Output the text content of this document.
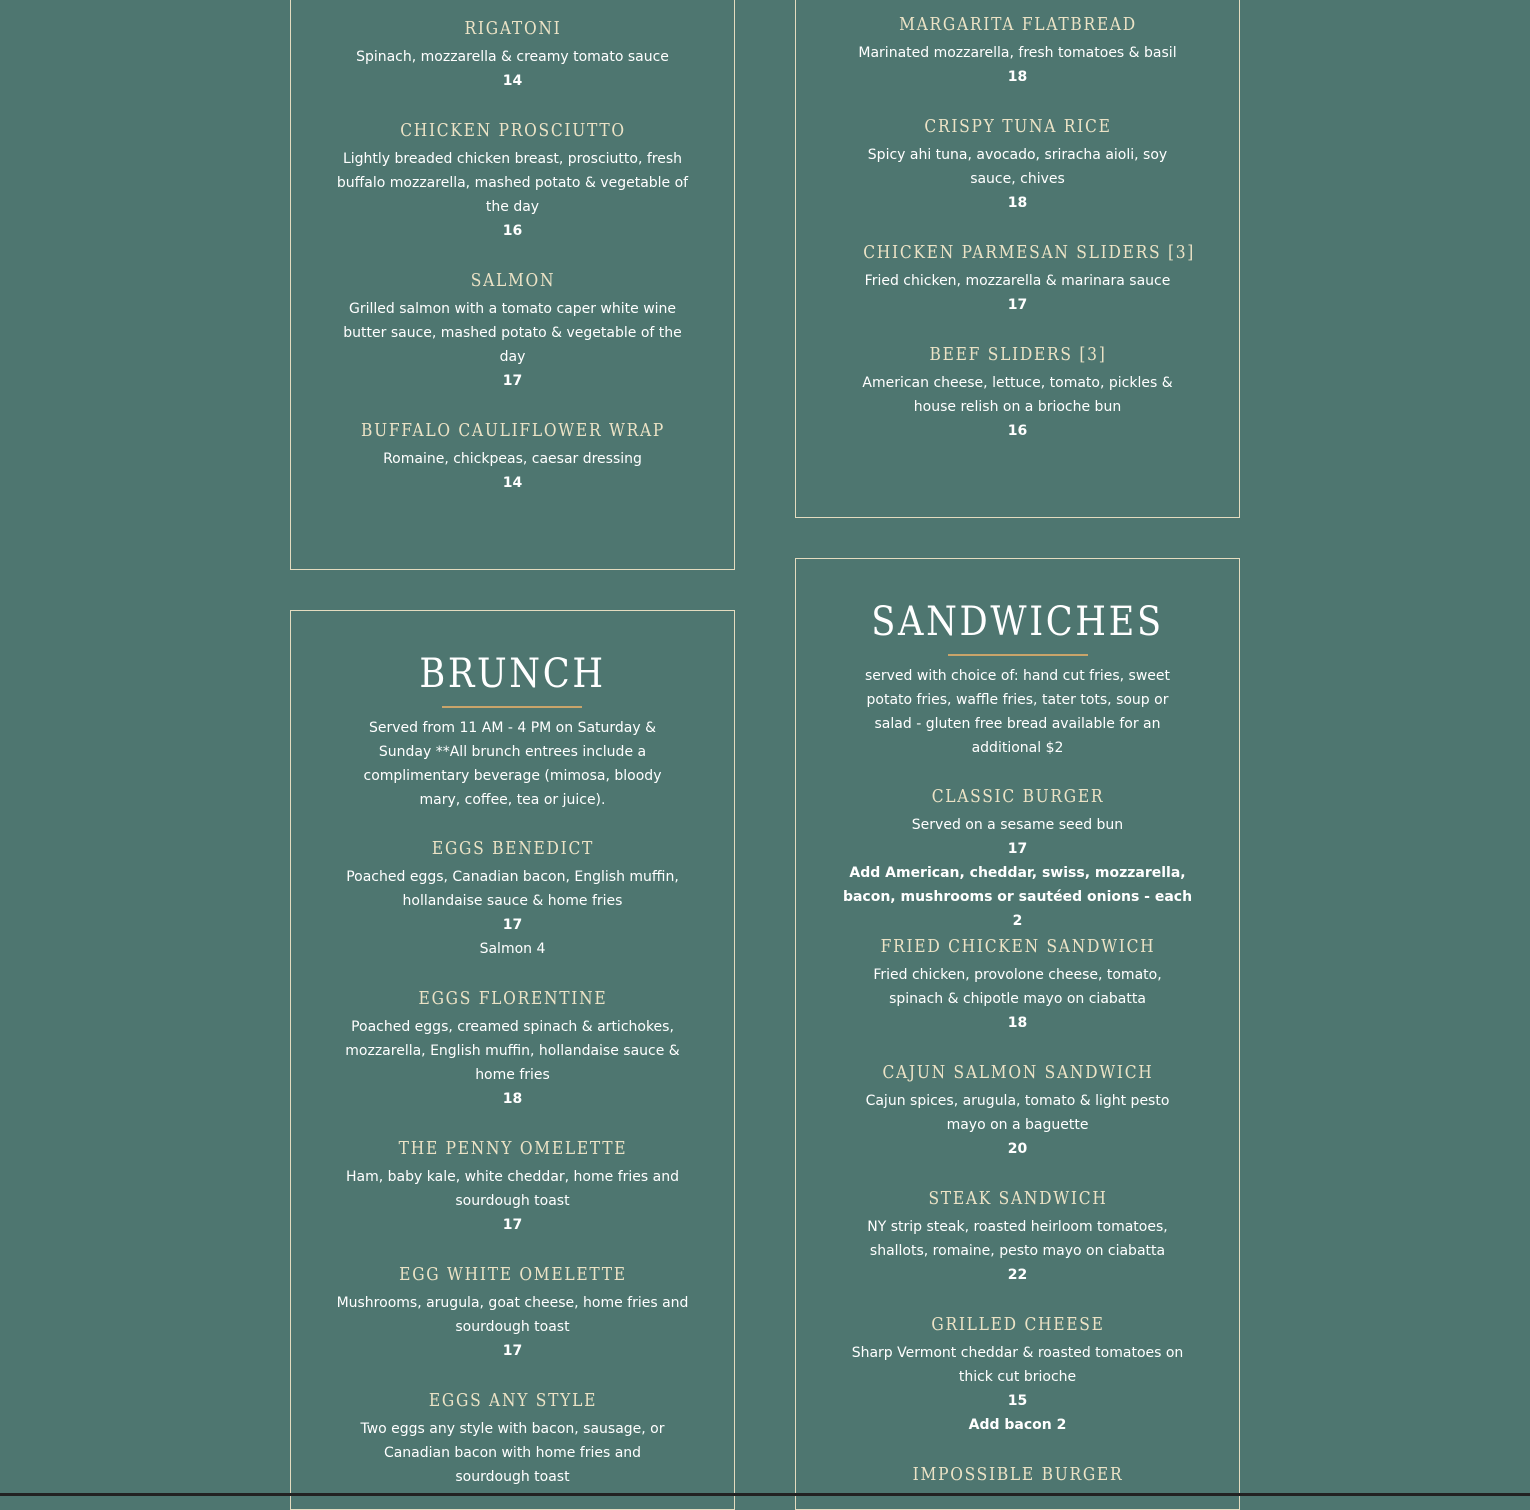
RIGATONI
Spinach, mozzarella & creamy tomato sauce
14
CHICKEN PROSCIUTTO
Lightly breaded chicken breast, prosciutto, fresh buffalo mozzarella, mashed potato & vegetable of the day
16
SALMON
Grilled salmon with a tomato caper white wine butter sauce, mashed potato & vegetable of the day
17
BUFFALO CAULIFLOWER WRAP
Romaine, chickpeas, caesar dressing
14
MARGARITA FLATBREAD
Marinated mozzarella, fresh tomatoes & basil
18
CRISPY TUNA RICE
Spicy ahi tuna, avocado, sriracha aioli, soy sauce, chives
18
CHICKEN PARMESAN SLIDERS [3]
Fried chicken, mozzarella & marinara sauce
17
BEEF SLIDERS [3]
American cheese, lettuce, tomato, pickles & house relish on a brioche bun
16
BRUNCH
Served from 11 AM - 4 PM on Saturday & Sunday **All brunch entrees include a complimentary beverage (mimosa, bloody mary, coffee, tea or juice).
EGGS BENEDICT
Poached eggs, Canadian bacon, English muffin, hollandaise sauce & home fries
17
Salmon 4
EGGS FLORENTINE
Poached eggs, creamed spinach & artichokes, mozzarella, English muffin, hollandaise sauce & home fries
18
THE PENNY OMELETTE
Ham, baby kale, white cheddar, home fries and sourdough toast
17
EGG WHITE OMELETTE
Mushrooms, arugula, goat cheese, home fries and sourdough toast
17
EGGS ANY STYLE
Two eggs any style with bacon, sausage, or Canadian bacon with home fries and sourdough toast
SANDWICHES
served with choice of: hand cut fries, sweet potato fries, waffle fries, tater tots, soup or salad - gluten free bread available for an additional $2
CLASSIC BURGER
Served on a sesame seed bun
17
Add American, cheddar, swiss, mozzarella, bacon, mushrooms or sautéed onions - each 2
FRIED CHICKEN SANDWICH
Fried chicken, provolone cheese, tomato, spinach & chipotle mayo on ciabatta
18
CAJUN SALMON SANDWICH
Cajun spices, arugula, tomato & light pesto mayo on a baguette
20
STEAK SANDWICH
NY strip steak, roasted heirloom tomatoes, shallots, romaine, pesto mayo on ciabatta
22
GRILLED CHEESE
Sharp Vermont cheddar & roasted tomatoes on thick cut brioche
15
Add bacon 2
IMPOSSIBLE BURGER
